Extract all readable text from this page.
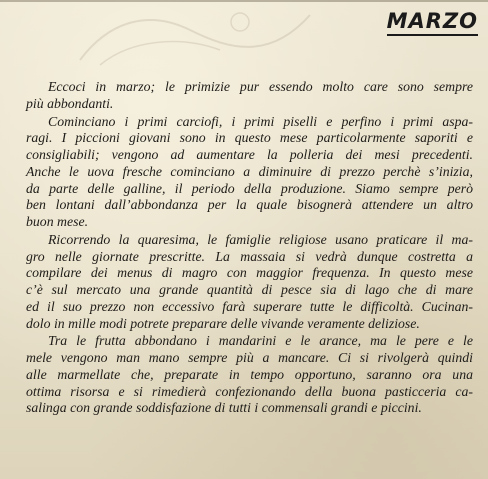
MARZO

Eccoci in marzo; le primizie pur essendo molto care sono sempre
più abbondanti.

Cominciano i primi carciofi, i primi piselli e perfino i primi aspa-
ragi. I piccioni giovani sono in questo mese particolarmente saporiti e
consigliabili; vengono ad aumentare la polleria dei mesi precedenti.
Anche le uova fresche cominciano a diminuire di prezzo perchè s’inizia,
da parte delle galline, il periodo della produzione. Siamo sempre però
ben lontani dall’abbondanza per la quale bisognerà attendere un altro
buon mese.

Ricorrendo la quaresima, le famiglie religiose usano praticare il ma-
gro nelle giornate prescritte. La massaia si vedrà dunque costretta a
compilare dei menus di magro con maggior frequenza. In questo mese
c’è sul mercato una grande quantità di pesce sia di lago che di mare
ed il suo prezzo non eccessivo farà superare tutte le difficoltà. Cucinan-
dolo in mille modi potrete preparare delle vivande veramente deliziose.

Tra le frutta abbondano i mandarini e le arance, ma le pere e le
mele vengono man mano sempre più a mancare. Ci si rivolgerà quindi
alle marmellate che, preparate in tempo opportuno, saranno ora una
ottima risorsa e si rimedierà confezionando della buona pasticceria ca-
salinga con grande soddisfazione di tutti i commensali grandi e piccini.
